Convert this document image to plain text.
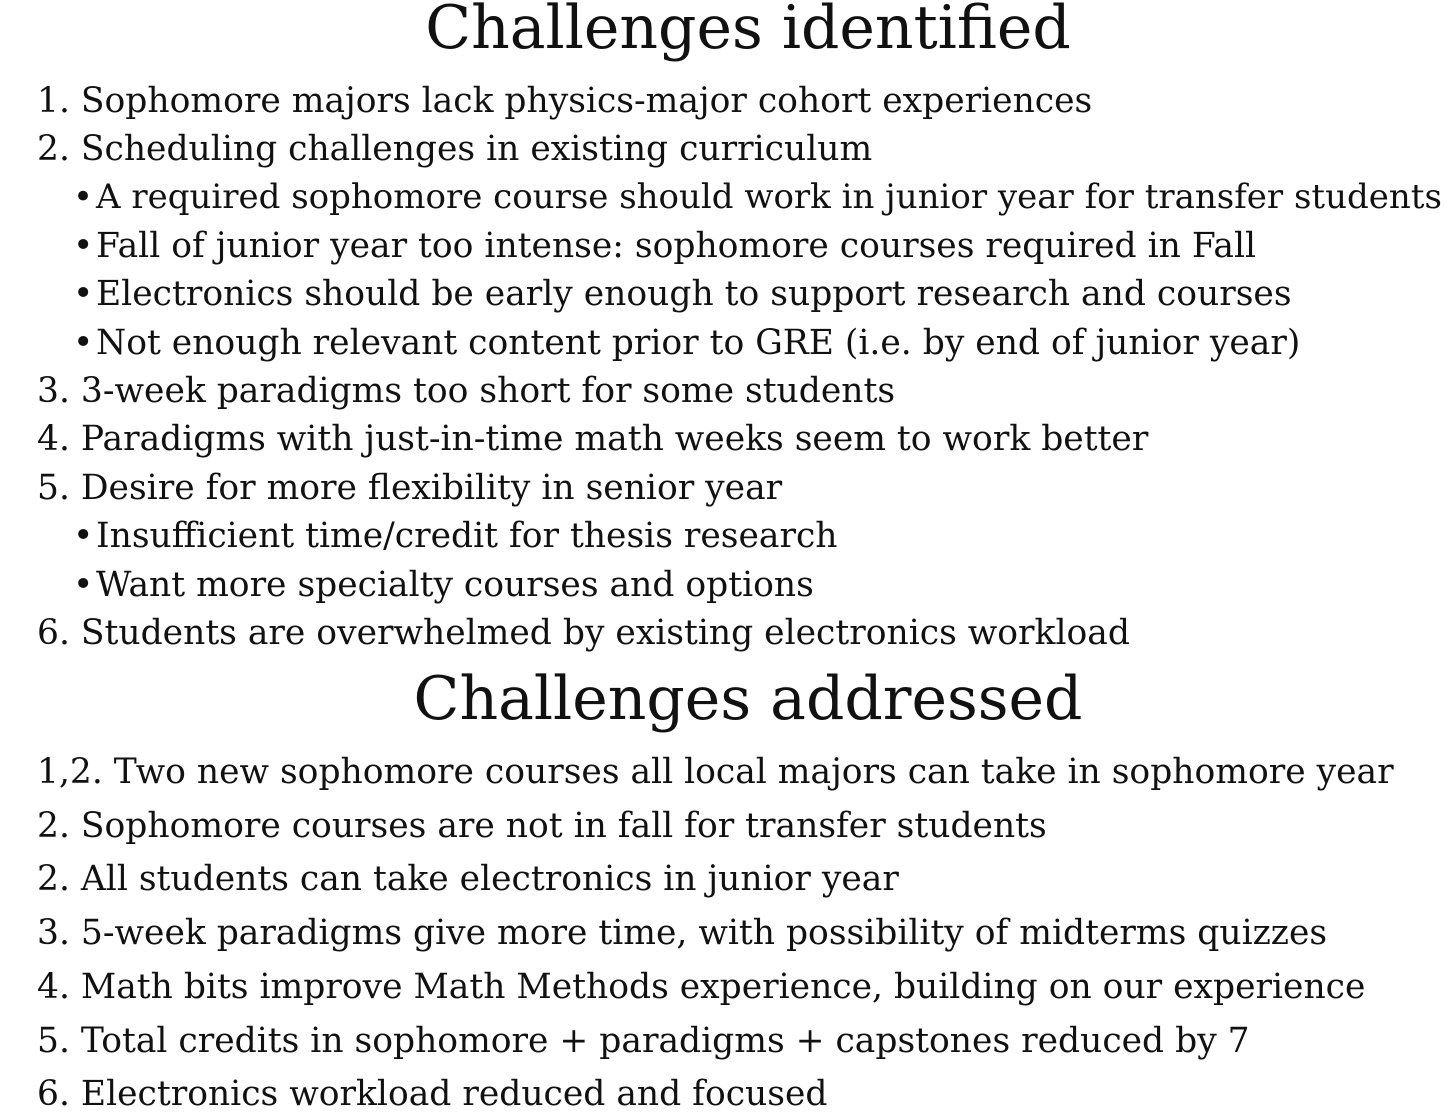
Challenges identified

1. Sophomore majors lack physics-major cohort experiences

2. Scheduling challenges in existing curriculum

•A required sophomore course should work in junior year for transfer students

•Fall of junior year too intense: sophomore courses required in Fall

•Electronics should be early enough to support research and courses

•Not enough relevant content prior to GRE (i.e. by end of junior year)

3. 3-week paradigms too short for some students

4. Paradigms with just-in-time math weeks seem to work better

5. Desire for more flexibility in senior year

•Insufficient time/credit for thesis research

•Want more specialty courses and options

6. Students are overwhelmed by existing electronics workload

Challenges addressed

1,2. Two new sophomore courses all local majors can take in sophomore year

2. Sophomore courses are not in fall for transfer students

2. All students can take electronics in junior year

3. 5-week paradigms give more time, with possibility of midterms quizzes

4. Math bits improve Math Methods experience, building on our experience

5. Total credits in sophomore + paradigms + capstones reduced by 7

6. Electronics workload reduced and focused
